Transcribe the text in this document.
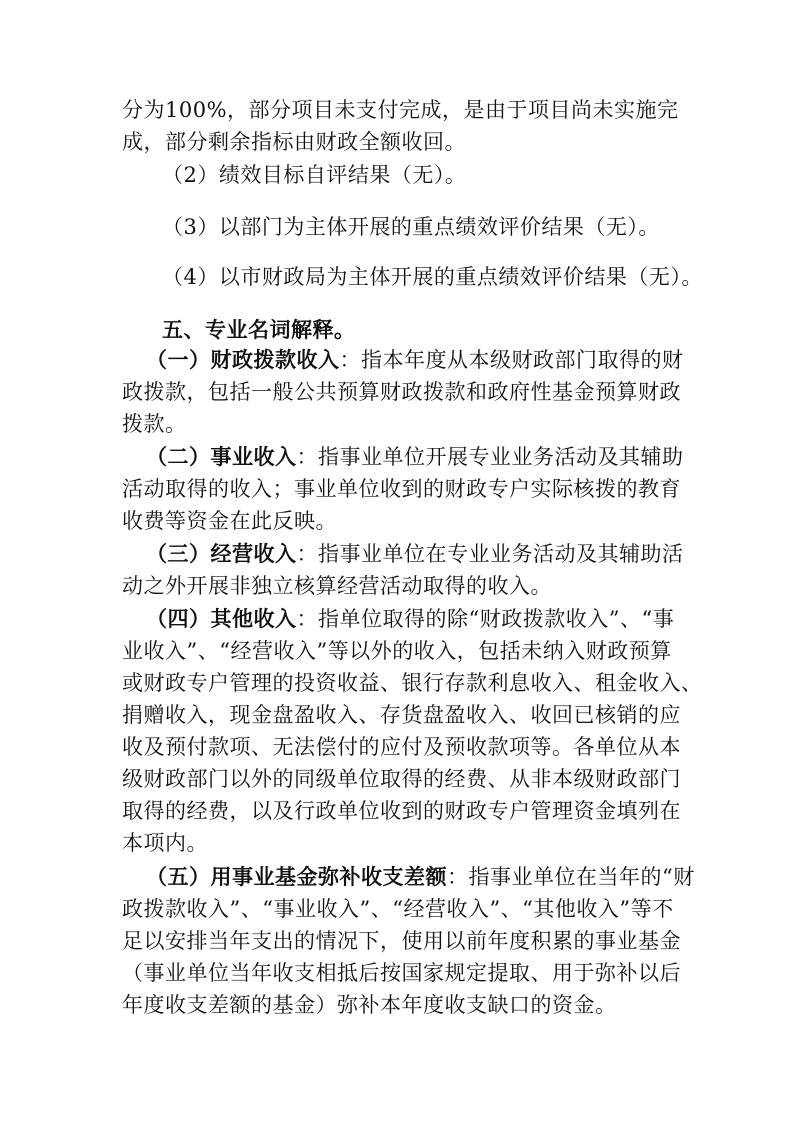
分为100%，部分项目未支付完成，是由于项目尚未实施完
成，部分剩余指标由财政全额收回。
（2）绩效目标自评结果（无）。
（3）以部门为主体开展的重点绩效评价结果（无）。
（4）以市财政局为主体开展的重点绩效评价结果（无）。
五、专业名词解释。
（一）财政拨款收入：指本年度从本级财政部门取得的财
政拨款，包括一般公共预算财政拨款和政府性基金预算财政
拨款。
（二）事业收入：指事业单位开展专业业务活动及其辅助
活动取得的收入；事业单位收到的财政专户实际核拨的教育
收费等资金在此反映。
（三）经营收入：指事业单位在专业业务活动及其辅助活
动之外开展非独立核算经营活动取得的收入。
（四）其他收入：指单位取得的除“财政拨款收入”、“事
业收入”、“经营收入”等以外的收入，包括未纳入财政预算
或财政专户管理的投资收益、银行存款利息收入、租金收入、
捐赠收入，现金盘盈收入、存货盘盈收入、收回已核销的应
收及预付款项、无法偿付的应付及预收款项等。各单位从本
级财政部门以外的同级单位取得的经费、从非本级财政部门
取得的经费，以及行政单位收到的财政专户管理资金填列在
本项内。
（五）用事业基金弥补收支差额：指事业单位在当年的“财
政拨款收入”、“事业收入”、“经营收入”、“其他收入”等不
足以安排当年支出的情况下，使用以前年度积累的事业基金
（事业单位当年收支相抵后按国家规定提取、用于弥补以后
年度收支差额的基金）弥补本年度收支缺口的资金。
